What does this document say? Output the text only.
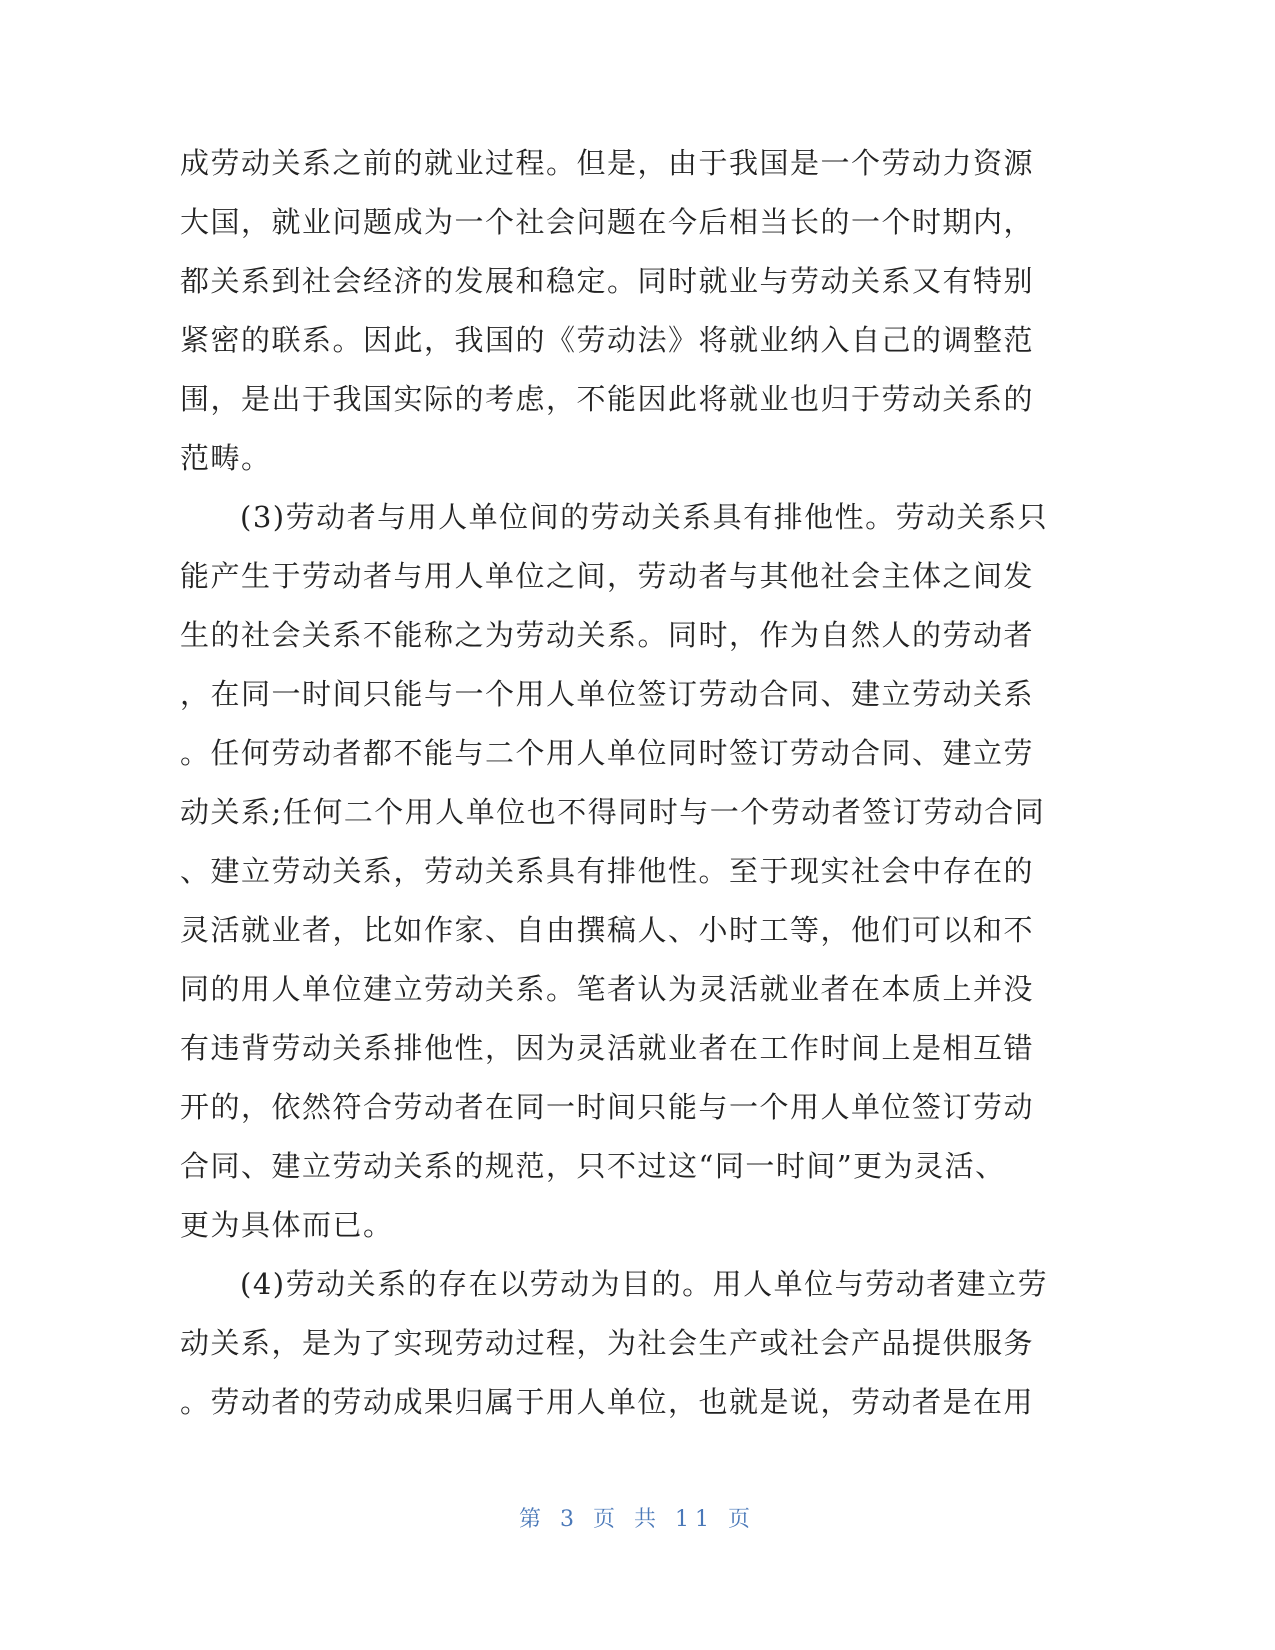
成劳动关系之前的就业过程。但是，由于我国是一个劳动力资源
大国，就业问题成为一个社会问题在今后相当长的一个时期内，
都关系到社会经济的发展和稳定。同时就业与劳动关系又有特别
紧密的联系。因此，我国的《劳动法》将就业纳入自己的调整范
围，是出于我国实际的考虑，不能因此将就业也归于劳动关系的
范畴。
(3)劳动者与用人单位间的劳动关系具有排他性。劳动关系只
能产生于劳动者与用人单位之间，劳动者与其他社会主体之间发
生的社会关系不能称之为劳动关系。同时，作为自然人的劳动者
，在同一时间只能与一个用人单位签订劳动合同、建立劳动关系
。任何劳动者都不能与二个用人单位同时签订劳动合同、建立劳
动关系;任何二个用人单位也不得同时与一个劳动者签订劳动合同
、建立劳动关系，劳动关系具有排他性。至于现实社会中存在的
灵活就业者，比如作家、自由撰稿人、小时工等，他们可以和不
同的用人单位建立劳动关系。笔者认为灵活就业者在本质上并没
有违背劳动关系排他性，因为灵活就业者在工作时间上是相互错
开的，依然符合劳动者在同一时间只能与一个用人单位签订劳动
合同、建立劳动关系的规范，只不过这“同一时间”更为灵活、
更为具体而已。
(4)劳动关系的存在以劳动为目的。用人单位与劳动者建立劳
动关系，是为了实现劳动过程，为社会生产或社会产品提供服务
。劳动者的劳动成果归属于用人单位，也就是说，劳动者是在用
第 3 页 共 11 页
